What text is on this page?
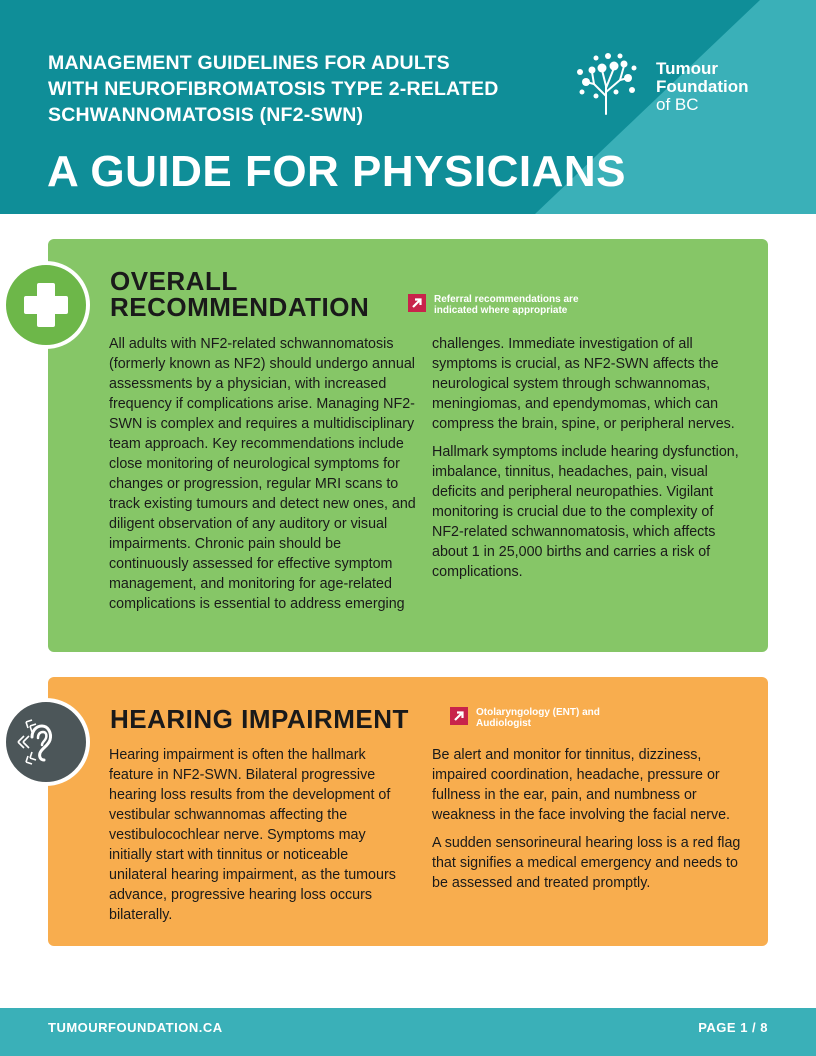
MANAGEMENT GUIDELINES FOR ADULTS
WITH NEUROFIBROMATOSIS TYPE 2-RELATED
SCHWANNOMATOSIS (NF2-SWN)
A GUIDE FOR PHYSICIANS
Tumour
Foundation
of BC
OVERALL
RECOMMENDATION	Referral recommendations are indicated where appropriate

All adults with NF2-related schwannomatosis (formerly known as NF2) should undergo annual assessments by a physician, with increased frequency if complications arise. Managing NF2-SWN is complex and requires a multidisciplinary team approach. Key recommendations include close monitoring of neurological symptoms for changes or progression, regular MRI scans to track existing tumours and detect new ones, and diligent observation of any auditory or visual impairments. Chronic pain should be continuously assessed for effective symptom management, and monitoring for age-related complications is essential to address emerging

challenges. Immediate investigation of all symptoms is crucial, as NF2-SWN affects the neurological system through schwannomas, meningiomas, and ependymomas, which can compress the brain, spine, or peripheral nerves.

Hallmark symptoms include hearing dysfunction, imbalance, tinnitus, headaches, pain, visual deficits and peripheral neuropathies. Vigilant monitoring is crucial due to the complexity of NF2-related schwannomatosis, which affects about 1 in 25,000 births and carries a risk of complications.

HEARING IMPAIRMENT	Otolaryngology (ENT) and Audiologist

Hearing impairment is often the hallmark feature in NF2-SWN. Bilateral progressive hearing loss results from the development of vestibular schwannomas affecting the vestibulocochlear nerve. Symptoms may initially start with tinnitus or noticeable unilateral hearing impairment, as the tumours advance, progressive hearing loss occurs bilaterally.

Be alert and monitor for tinnitus, dizziness, impaired coordination, headache, pressure or fullness in the ear, pain, and numbness or weakness in the face involving the facial nerve.

A sudden sensorineural hearing loss is a red flag that signifies a medical emergency and needs to be assessed and treated promptly.

TUMOURFOUNDATION.CA	PAGE 1 / 8
